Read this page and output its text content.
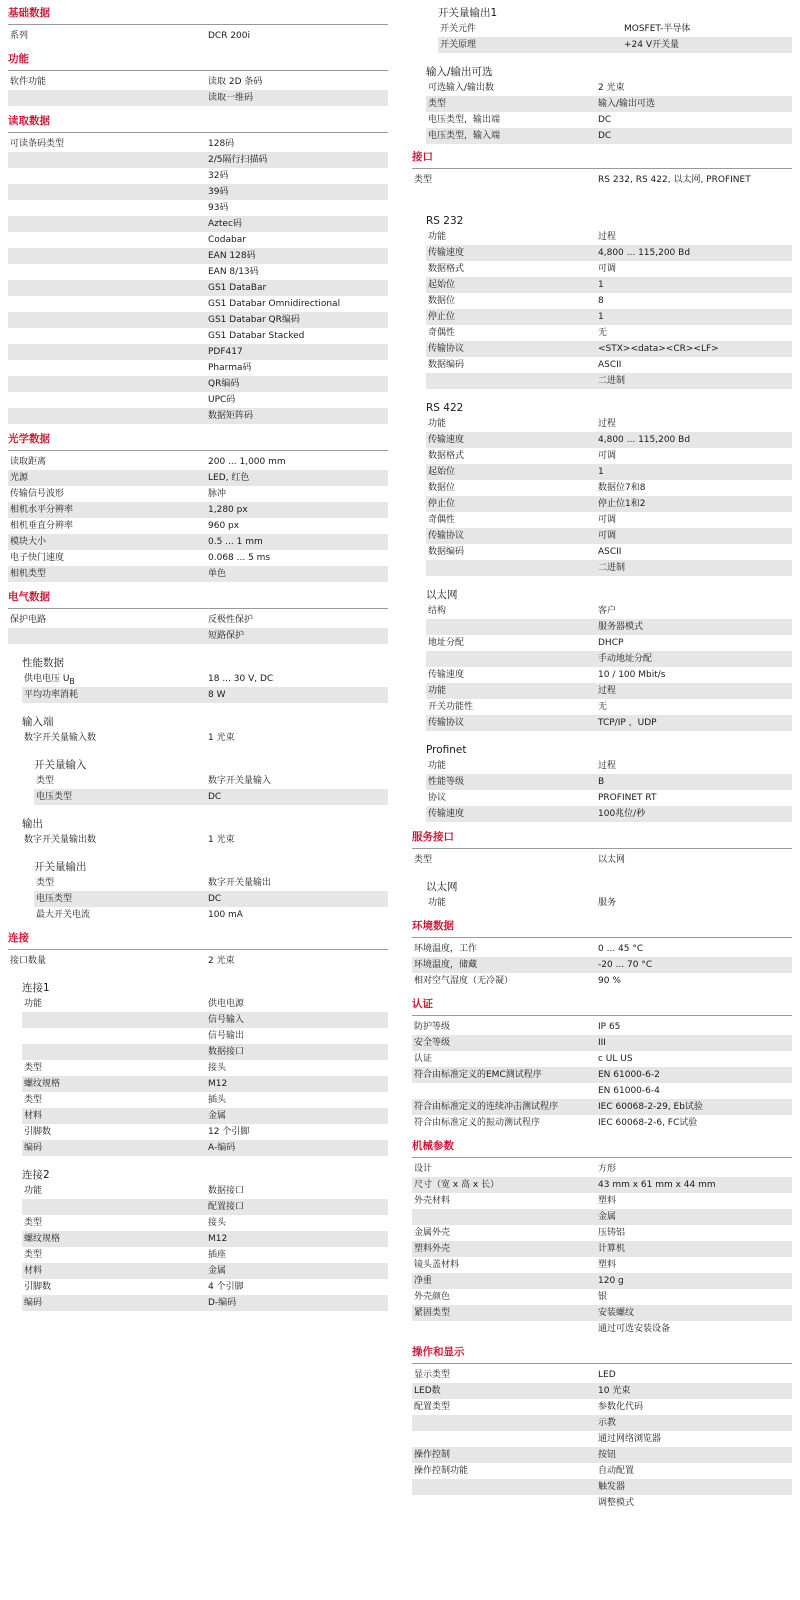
基础数据
系列	DCR 200i
功能
软件功能	读取 2D 条码
读取一维码
读取数据
可读条码类型	128码
2/5隔行扫描码
32码
39码
93码
Aztec码
Codabar
EAN 128码
EAN 8/13码
GS1 DataBar
GS1 Databar Omnidirectional
GS1 Databar QR编码
GS1 Databar Stacked
PDF417
Pharma码
QR编码
UPC码
数据矩阵码
光学数据
读取距离	200 ... 1,000 mm
光源	LED, 红色
传输信号波形	脉冲
相机水平分辨率	1,280 px
相机垂直分辨率	960 px
模块大小	0.5 ... 1 mm
电子快门速度	0.068 ... 5 ms
相机类型	单色
电气数据
保护电路	反极性保护
短路保护
性能数据
供电电压 $U_B$	18 ... 30 V, DC
平均功率消耗	8 W
输入端
数字开关量输入数	1 光束
开关量输入
类型	数字开关量输入
电压类型	DC
输出
数字开关量输出数	1 光束
开关量输出
类型	数字开关量输出
电压类型	DC
最大开关电流	100 mA
连接
接口数量	2 光束
连接1
功能	供电电源
信号输入
信号输出
数据接口
类型	接头
螺纹规格	M12
类型	插头
材料	金属
引脚数	12 个引脚
编码	A-编码
连接2
功能	数据接口
配置接口
类型	接头
螺纹规格	M12
类型	插座
材料	金属
引脚数	4 个引脚
编码	D-编码
开关量输出1
开关元件	MOSFET-半导体
开关原理	+24 V开关量
输入/输出可选
可选输入/输出数	2 光束
类型	输入/输出可选
电压类型，输出端	DC
电压类型，输入端	DC
接口
类型	RS 232, RS 422, 以太网, PROFINET
RS 232
功能	过程
传输速度	4,800 ... 115,200 Bd
数据格式	可调
起始位	1
数据位	8
停止位	1
奇偶性	无
传输协议	<STX><data><CR><LF>
数据编码	ASCII
二进制
RS 422
功能	过程
传输速度	4,800 ... 115,200 Bd
数据格式	可调
起始位	1
数据位	数据位7和8
停止位	停止位1和2
奇偶性	可调
传输协议	可调
数据编码	ASCII
二进制
以太网
结构	客户
服务器模式
地址分配	DHCP
手动地址分配
传输速度	10 / 100 Mbit/s
功能	过程
开关功能性	无
传输协议	TCP/IP ，UDP
Profinet
功能	过程
性能等级	B
协议	PROFINET RT
传输速度	100兆位/秒
服务接口
类型	以太网
以太网
功能	服务
环境数据
环境温度，工作	0 ... 45 °C
环境温度，储藏	-20 ... 70 °C
相对空气湿度（无冷凝）	90 %
认证
防护等级	IP 65
安全等级	III
认证	c UL US
符合由标准定义的EMC测试程序	EN 61000-6-2
EN 61000-6-4
符合由标准定义的连续冲击测试程序	IEC 60068-2-29, Eb试验
符合由标准定义的振动测试程序	IEC 60068-2-6, FC试验
机械参数
设计	方形
尺寸（宽 x 高 x 长）	43 mm x 61 mm x 44 mm
外壳材料	塑料
金属
金属外壳	压铸铝
塑料外壳	计算机
镜头盖材料	塑料
净重	120 g
外壳颜色	银
紧固类型	安装螺纹
通过可选安装设备
操作和显示
显示类型	LED
LED数	10 光束
配置类型	参数化代码
示教
通过网络浏览器
操作控制	按钮
操作控制功能	自动配置
触发器
调整模式
